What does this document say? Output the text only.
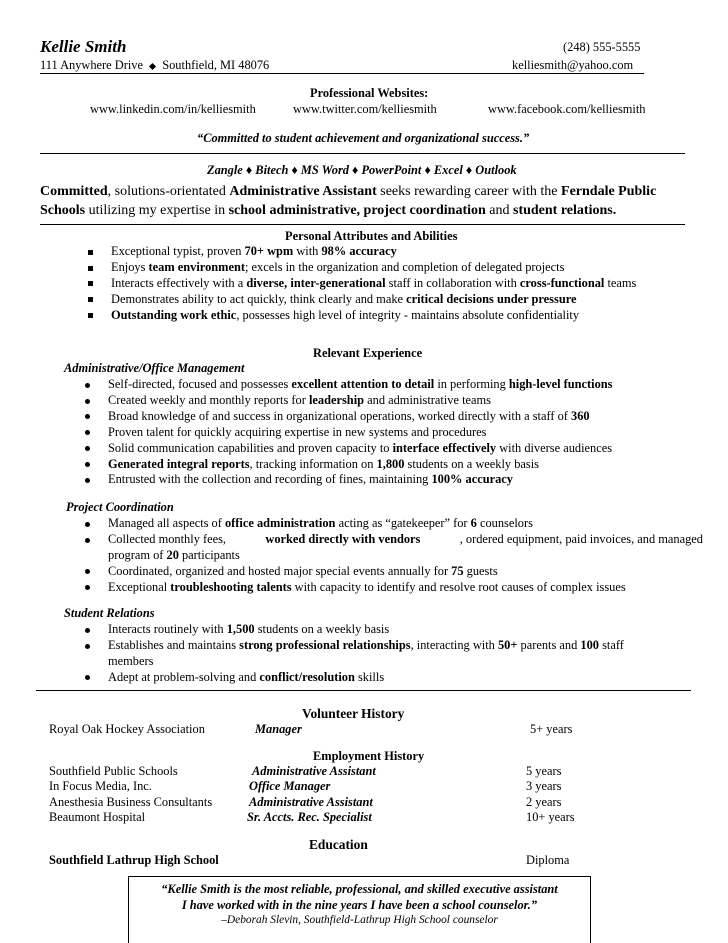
Kellie Smith	(248) 555-5555
111 Anywhere Drive Southfield, MI 48076	kelliesmith@yahoo.com
Professional Websites:
www.linkedin.com/in/kelliesmith	www.twitter.com/kelliesmith	www.facebook.com/kelliesmith
“Committed to student achievement and organizational success.”
Zangle ♦ Bitech ♦ MS Word ♦ PowerPoint ♦ Excel ♦ Outlook
Committed, solutions-orientated Administrative Assistant seeks rewarding career with the Ferndale Public
Schools utilizing my expertise in school administrative, project coordination and student relations.
Personal Attributes and Abilities
Exceptional typist, proven 70+ wpm with 98% accuracy
Enjoys team environment; excels in the organization and completion of delegated projects
Interacts effectively with a diverse, inter-generational staff in collaboration with cross-functional teams
Demonstrates ability to act quickly, think clearly and make critical decisions under pressure
Outstanding work ethic, possesses high level of integrity - maintains absolute confidentiality
Relevant Experience
Administrative/Office Management
Self-directed, focused and possesses excellent attention to detail in performing high-level functions
Created weekly and monthly reports for leadership and administrative teams
Broad knowledge of and success in organizational operations, worked directly with a staff of 360
Proven talent for quickly acquiring expertise in new systems and procedures
Solid communication capabilities and proven capacity to interface effectively with diverse audiences
Generated integral reports, tracking information on 1,800 students on a weekly basis
Entrusted with the collection and recording of fines, maintaining 100% accuracy
Project Coordination
Managed all aspects of office administration acting as “gatekeeper” for 6 counselors
Collected monthly fees,	worked directly with vendors	, ordered equipment, paid invoices, and managed
program of 20 participants
Coordinated, organized and hosted major special events annually for 75 guests
Exceptional troubleshooting talents with capacity to identify and resolve root causes of complex issues
Student Relations
Interacts routinely with 1,500 students on a weekly basis
Establishes and maintains strong professional relationships, interacting with 50+ parents and 100 staff
members
Adept at problem-solving and conflict/resolution skills
Volunteer History
Royal Oak Hockey Association	Manager	5+ years
Employment History
Southfield Public Schools	Administrative Assistant	5 years
In Focus Media, Inc.	Office Manager	3 years
Anesthesia Business Consultants	Administrative Assistant	2 years
Beaumont Hospital	Sr. Accts. Rec. Specialist	10+ years
Education
Southfield Lathrup High School	Diploma
“Kellie Smith is the most reliable, professional, and skilled executive assistant
I have worked with in the nine years I have been a school counselor.”
–Deborah Slevin, Southfield-Lathrup High School counselor
